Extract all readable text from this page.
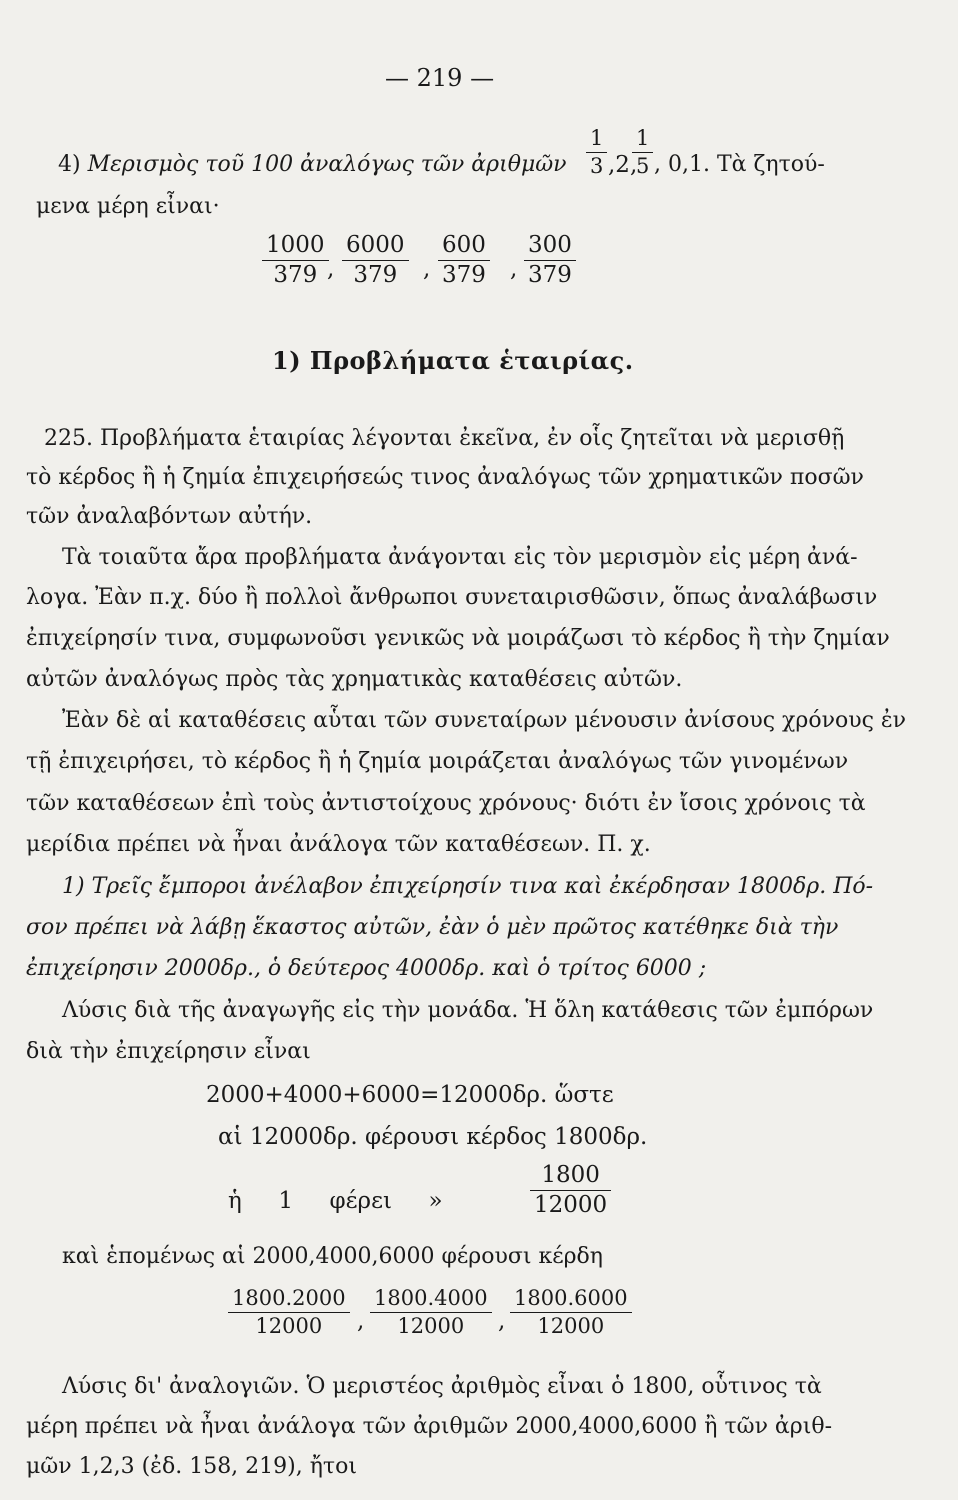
— 219 —
4) Μερισμὸς τοῦ 100 ἀναλόγως τῶν ἀριθμῶν $\frac{1}{3} ,2$,
$\frac{1}{5}$ , 0,1. Τὰ ζητού-
μενα μέρη εἶναι·
$\frac{1000}{379}$
, $\frac{6000}{379}$ , $\frac{600}{379}$ , $\frac{300}{379}$
1) Προβλήματα ἑταιρίας.
225. Προβλήματα ἑταιρίας λέγονται ἐκεῖνα, ἐν οἷς ζητεῖται νὰ μερισθῇ
τὸ κέρδος ἢ ἡ ζημία ἐπιχειρήσεώς τινος ἀναλόγως τῶν χρηματικῶν ποσῶν
τῶν ἀναλαβόντων αὐτήν.
Τὰ τοιαῦτα ἄρα προβλήματα ἀνάγονται εἰς τὸν μερισμὸν εἰς μέρη ἀνά-
λογα. Ἐὰν π.χ. δύο ἢ πολλοὶ ἄνθρωποι συνεταιρισθῶσιν, ὅπως ἀναλάβωσιν
ἐπιχείρησίν τινα, συμφωνοῦσι γενικῶς νὰ μοιράζωσι τὸ κέρδος ἢ τὴν ζημίαν
αὐτῶν ἀναλόγως πρὸς τὰς χρηματικὰς καταθέσεις αὐτῶν.
Ἐὰν δὲ αἱ καταθέσεις αὗται τῶν συνεταίρων μένουσιν ἀνίσους χρόνους ἐν
τῇ ἐπιχειρήσει, τὸ κέρδος ἢ ἡ ζημία μοιράζεται ἀναλόγως τῶν γινομένων
τῶν καταθέσεων ἐπὶ τοὺς ἀντιστοίχους χρόνους· διότι ἐν ἴσοις χρόνοις τὰ
μερίδια πρέπει νὰ ἦναι ἀνάλογα τῶν καταθέσεων. Π. χ.
1) Τρεῖς ἔμποροι ἀνέλαβον ἐπιχείρησίν τινα καὶ ἐκέρδησαν 1800δρ. Πό-
σον πρέπει νὰ λάβῃ ἕκαστος αὐτῶν, ἐὰν ὁ μὲν πρῶτος κατέθηκε διὰ τὴν
ἐπιχείρησιν 2000δρ., ὁ δεύτερος 4000δρ. καὶ ὁ τρίτος 6000 ;
Λύσις διὰ τῆς ἀναγωγῆς εἰς τὴν μονάδα. Ἡ ὅλη κατάθεσις τῶν ἐμπόρων
διὰ τὴν ἐπιχείρησιν εἶναι
2000+4000+6000=12000δρ. ὥστε
αἱ 12000δρ. φέρουσι κέρδος 1800δρ.
ἡ     1     φέρει     »	$\frac{1800}{12000}$
καὶ ἑπομένως αἱ 2000,4000,6000 φέρουσι κέρδη
$\frac{1800.2000}{12000}$ , $\frac{1800.4000}{12000}$ , $\frac{1800.6000}{12000}$
Λύσις δι' ἀναλογιῶν. Ὁ μεριστέος ἀριθμὸς εἶναι ὁ 1800, οὗτινος τὰ
μέρη πρέπει νὰ ἦναι ἀνάλογα τῶν ἀριθμῶν 2000,4000,6000 ἢ τῶν ἀριθ-
μῶν 1,2,3 (ἐδ. 158, 219), ἤτοι
